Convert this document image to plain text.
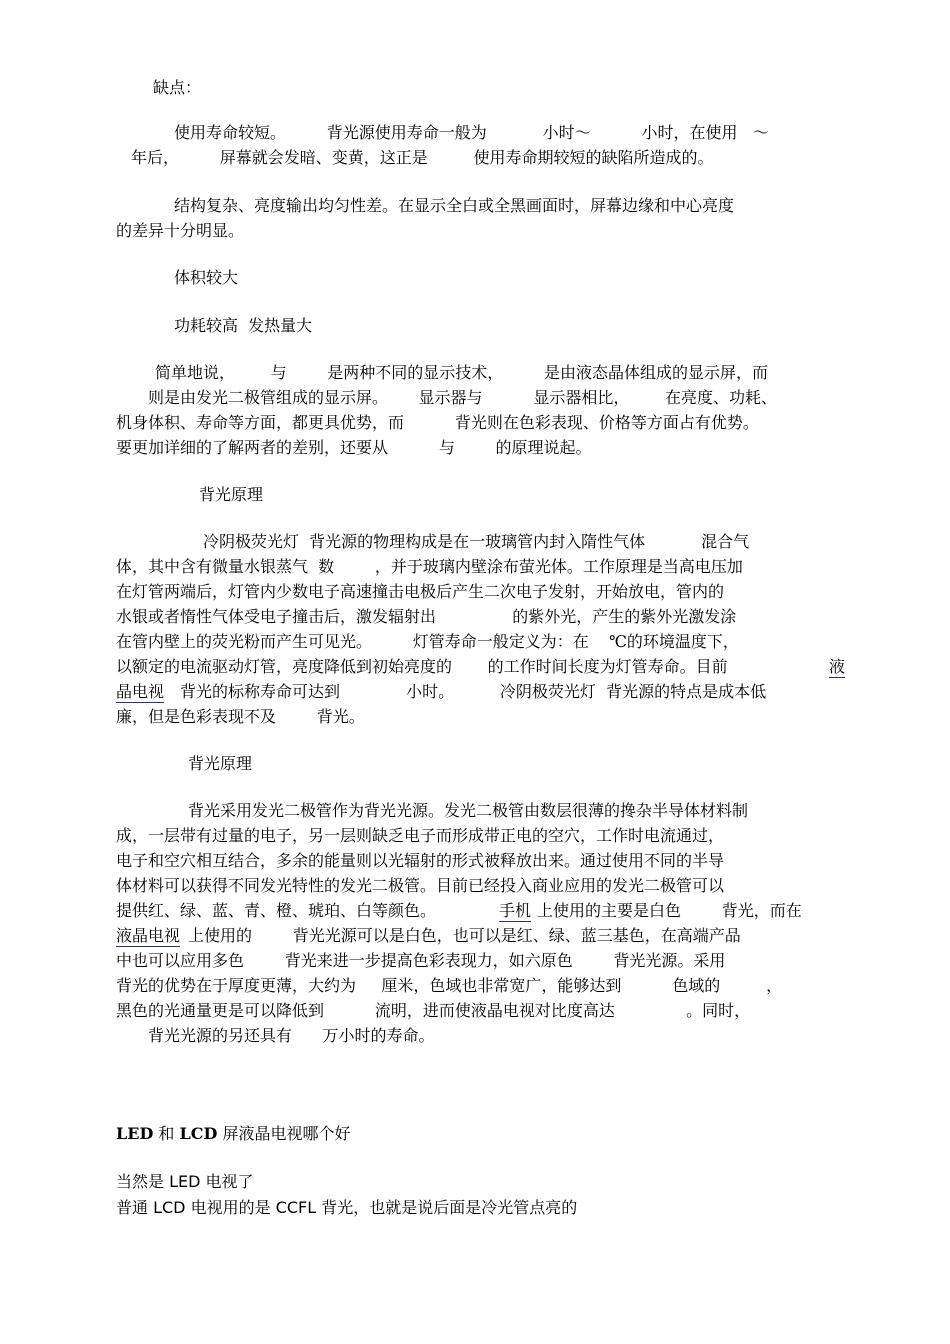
缺点：

使用寿命较短。        背光源使用寿命一般为           小时～          小时，在使用   ～

年后，        屏幕就会发暗、变黄，这正是         使用寿命期较短的缺陷所造成的。

结构复杂、亮度输出均匀性差。在显示全白或全黑画面时，屏幕边缘和中心亮度

的差异十分明显。

体积较大

功耗较高  发热量大

简单地说，       与        是两种不同的显示技术，        是由液态晶体组成的显示屏，而

则是由发光二极管组成的显示屏。      显示器与          显示器相比，       在亮度、功耗、

机身体积、寿命等方面，都更具优势，而          背光则在色彩表现、价格等方面占有优势。

要更加详细的了解两者的差别，还要从          与        的原理说起。

背光原理

冷阴极荧光灯  背光源的物理构成是在一玻璃管内封入隋性气体           混合气

体，其中含有微量水银蒸气  数        ，并于玻璃内壁涂布萤光体。工作原理是当高电压加

在灯管两端后，灯管内少数电子高速撞击电极后产生二次电子发射，开始放电，管内的

水银或者惰性气体受电子撞击后，激发辐射出               的紫外光，产生的紫外光激发涂

在管内壁上的荧光粉而产生可见光。        灯管寿命一般定义为：在    ℃的环境温度下，

以额定的电流驱动灯管，亮度降低到初始亮度的       的工作时间长度为灯管寿命。目前	液

晶电视 背光的标称寿命可达到             小时。         冷阴极荧光灯  背光源的特点是成本低

廉，但是色彩表现不及        背光。

背光原理

背光采用发光二极管作为背光光源。发光二极管由数层很薄的搀杂半导体材料制

成，一层带有过量的电子，另一层则缺乏电子而形成带正电的空穴，工作时电流通过，

电子和空穴相互结合，多余的能量则以光辐射的形式被释放出来。通过使用不同的半导

体材料可以获得不同发光特性的发光二极管。目前已经投入商业应用的发光二极管可以

提供红、绿、蓝、青、橙、琥珀、白等颜色。	手机 上使用的主要是白色        背光，而在

液晶电视 上使用的        背光光源可以是白色，也可以是红、绿、蓝三基色，在高端产品

中也可以应用多色        背光来进一步提高色彩表现力，如六原色        背光光源。采用

背光的优势在于厚度更薄，大约为     厘米，色域也非常宽广，能够达到          色域的         ，

黑色的光通量更是可以降低到          流明，进而使液晶电视对比度高达              。同时，

背光光源的另还具有      万小时的寿命。

LED 和 LCD 屏液晶电视哪个好

当然是 LED 电视了

普通 LCD 电视用的是 CCFL 背光，也就是说后面是冷光管点亮的
